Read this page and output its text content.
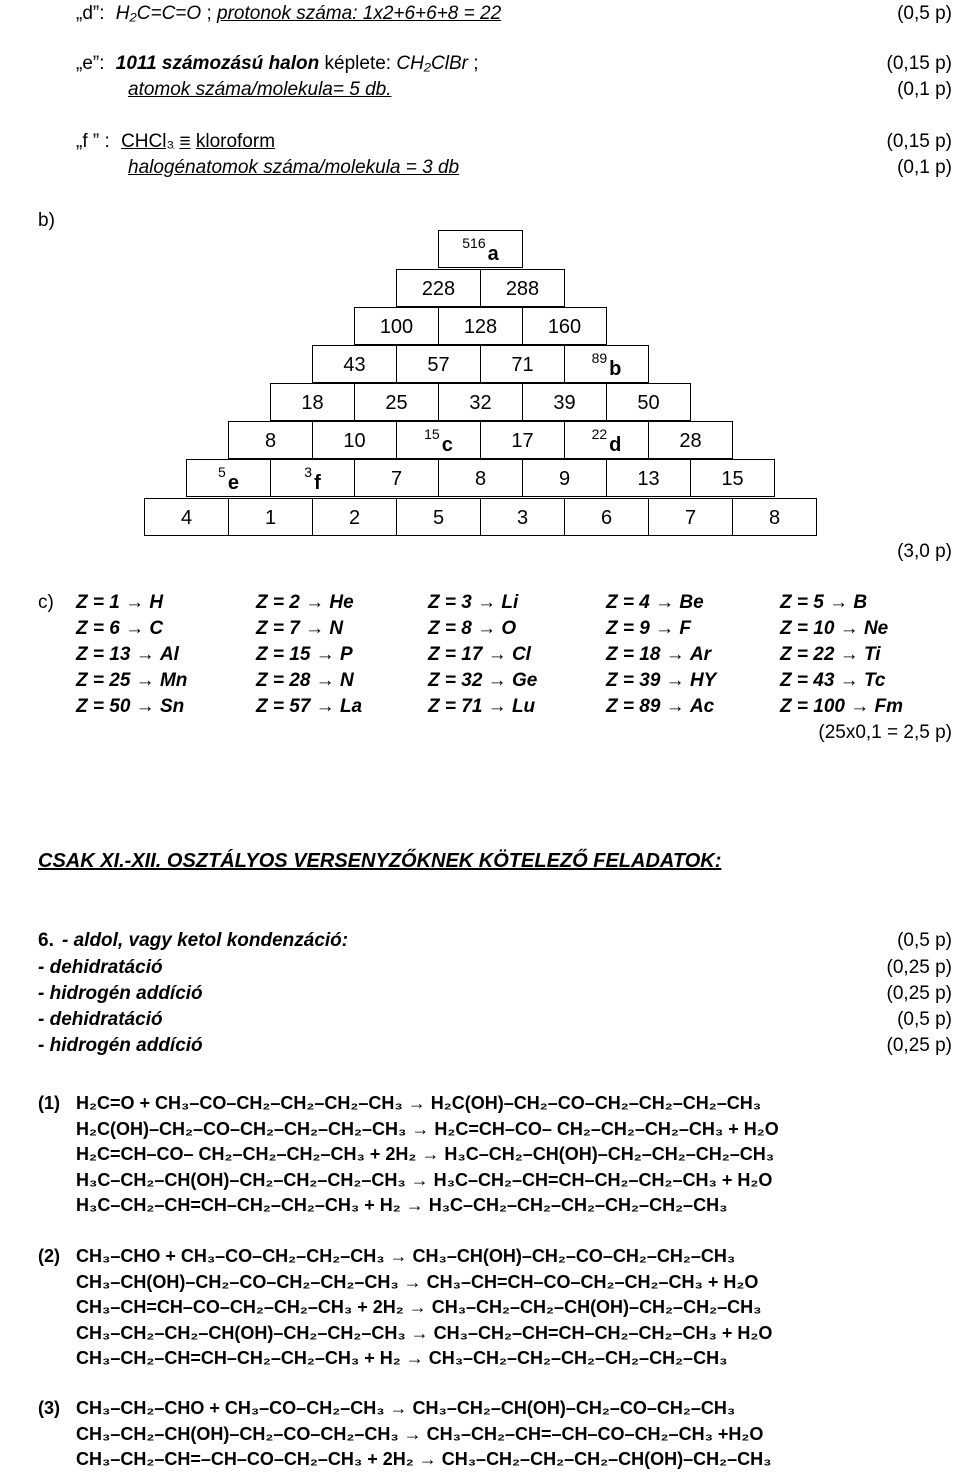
„d”: H₂C=C=O ; protonok száma: 1x2+6+6+8 = 22	(0,5 p)
„e”: 1011 számozású halon képlete: CH₂ClBr ;	(0,15 p)
atomok száma/molekula= 5 db.	(0,1 p)
„f ” : CHCl₃ ≡ kloroform	(0,15 p)
halogénatomok száma/molekula = 3 db	(0,1 p)
b)
$^{516}$ a
228	288
100	128	160
43	57	71	$^{89}$ b
18	25	32	39	50
8	10	$^{15}$ c	17	$^{22}$ d	28
$^5$ e	$^3$ f	7	8	9	13	15
4	1	2	5	3	6	7	8
(3,0 p)
c) Z = 1 → H	Z = 2 → He	Z = 3 → Li	Z = 4 → Be	Z = 5 → B
Z = 6 → C	Z = 7 → N	Z = 8 → O	Z = 9 → F	Z = 10 → Ne
Z = 13 → Al	Z = 15 → P	Z = 17 → Cl	Z = 18 → Ar	Z = 22 → Ti
Z = 25 → Mn	Z = 28 → N	Z = 32 → Ge	Z = 39 → HY	Z = 43 → Tc
Z = 50 → Sn	Z = 57 → La	Z = 71 → Lu	Z = 89 → Ac	Z = 100 → Fm
(25x0,1 = 2,5 p)
CSAK XI.-XII. OSZTÁLYOS VERSENYZŐKNEK KÖTELEZŐ FELADATOK:
6. - aldol, vagy ketol kondenzáció:	(0,5 p)
- dehidratáció	(0,25 p)
- hidrogén addíció	(0,25 p)
- dehidratáció	(0,5 p)
- hidrogén addíció	(0,25 p)
(1) H₂C=O + CH₃–CO–CH₂–CH₂–CH₂–CH₃ → H₂C(OH)–CH₂–CO–CH₂–CH₂–CH₂–CH₃
H₂C(OH)–CH₂–CO–CH₂–CH₂–CH₂–CH₃ → H₂C=CH–CO– CH₂–CH₂–CH₂–CH₃ + H₂O
H₂C=CH–CO– CH₂–CH₂–CH₂–CH₃ + 2H₂ → H₃C–CH₂–CH(OH)–CH₂–CH₂–CH₂–CH₃
H₃C–CH₂–CH(OH)–CH₂–CH₂–CH₂–CH₃ → H₃C–CH₂–CH=CH–CH₂–CH₂–CH₃ + H₂O
H₃C–CH₂–CH=CH–CH₂–CH₂–CH₃ + H₂ → H₃C–CH₂–CH₂–CH₂–CH₂–CH₂–CH₃
(2) CH₃–CHO + CH₃–CO–CH₂–CH₂–CH₃ → CH₃–CH(OH)–CH₂–CO–CH₂–CH₂–CH₃
CH₃–CH(OH)–CH₂–CO–CH₂–CH₂–CH₃ → CH₃–CH=CH–CO–CH₂–CH₂–CH₃ + H₂O
CH₃–CH=CH–CO–CH₂–CH₂–CH₃ + 2H₂ → CH₃–CH₂–CH₂–CH(OH)–CH₂–CH₂–CH₃
CH₃–CH₂–CH₂–CH(OH)–CH₂–CH₂–CH₃ → CH₃–CH₂–CH=CH–CH₂–CH₂–CH₃ + H₂O
CH₃–CH₂–CH=CH–CH₂–CH₂–CH₃ + H₂ → CH₃–CH₂–CH₂–CH₂–CH₂–CH₂–CH₃
(3) CH₃–CH₂–CHO + CH₃–CO–CH₂–CH₃ → CH₃–CH₂–CH(OH)–CH₂–CO–CH₂–CH₃
CH₃–CH₂–CH(OH)–CH₂–CO–CH₂–CH₃ → CH₃–CH₂–CH=–CH–CO–CH₂–CH₃ +H₂O
CH₃–CH₂–CH=–CH–CO–CH₂–CH₃ + 2H₂ → CH₃–CH₂–CH₂–CH₂–CH(OH)–CH₂–CH₃
